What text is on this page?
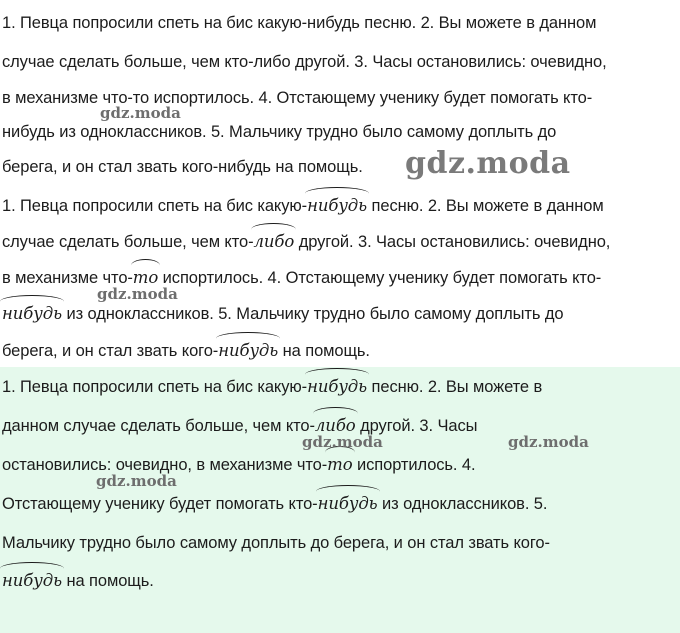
1. Певца попросили спеть на бис какую-нибудь песню. 2. Вы можете в данном
случае сделать больше, чем кто-либо другой. 3. Часы остановились: очевидно,
в механизме что-то испортилось. 4. Отстающему ученику будет помогать кто-
нибудь из одноклассников. 5. Мальчику трудно было самому доплыть до
берега, и он стал звать кого-нибудь на помощь.
gdz.moda
gdz.moda
1. Певца попросили спеть на бис какую-нибудь песню. 2. Вы можете в данном
случае сделать больше, чем кто-либо другой. 3. Часы остановились: очевидно,
в механизме что-то испортилось. 4. Отстающему ученику будет помогать кто-
нибудь из одноклассников. 5. Мальчику трудно было самому доплыть до
берега, и он стал звать кого-нибудь на помощь.
gdz.moda
1. Певца попросили спеть на бис какую-нибудь песню. 2. Вы можете в
данном случае сделать больше, чем кто-либо другой. 3. Часы
остановились: очевидно, в механизме что-то испортилось. 4.
Отстающему ученику будет помогать кто-нибудь из одноклассников. 5.
Мальчику трудно было самому доплыть до берега, и он стал звать кого-
нибудь на помощь.
gdz.moda	gdz.moda
gdz.moda
